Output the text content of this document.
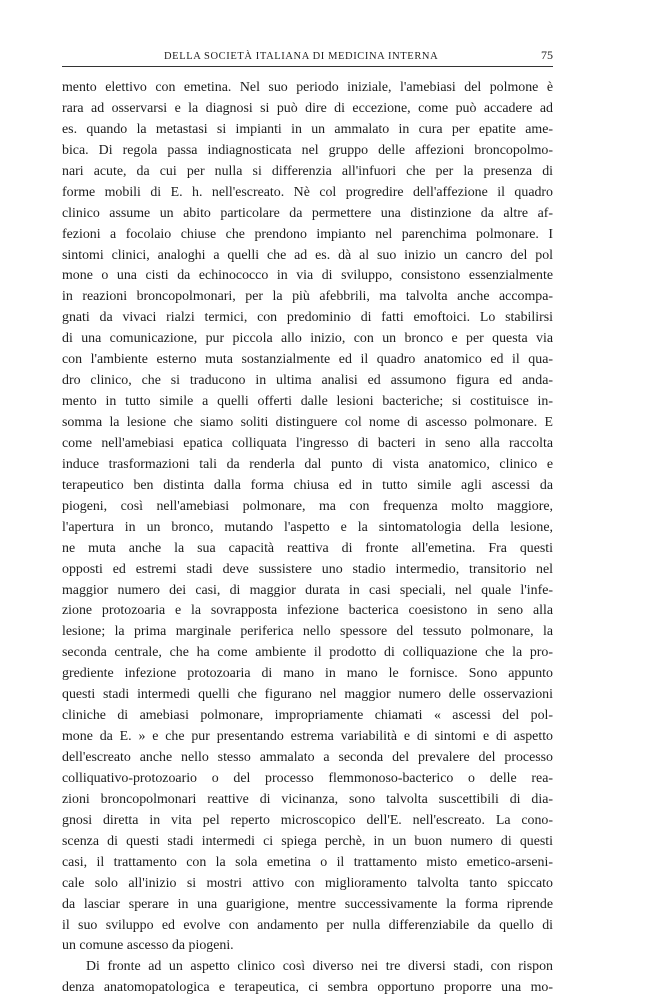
DELLA SOCIETÀ ITALIANA DI MEDICINA INTERNA	75
mento elettivo con emetina. Nel suo periodo iniziale, l'amebiasi del polmone è
rara ad osservarsi e la diagnosi si può dire di eccezione, come può accadere ad
es. quando la metastasi si impianti in un ammalato in cura per epatite ame-
bica. Di regola passa indiagnosticata nel gruppo delle affezioni broncopolmo-
nari acute, da cui per nulla si differenzia all'infuori che per la presenza di
forme mobili di E. h. nell'escreato. Nè col progredire dell'affezione il quadro
clinico assume un abito particolare da permettere una distinzione da altre af-
fezioni a focolaio chiuse che prendono impianto nel parenchima polmonare. I
sintomi clinici, analoghi a quelli che ad es. dà al suo inizio un cancro del pol
mone o una cisti da echinococco in via di sviluppo, consistono essenzialmente
in reazioni broncopolmonari, per la più afebbrili, ma talvolta anche accompa-
gnati da vivaci rialzi termici, con predominio di fatti emoftoici. Lo stabilirsi
di una comunicazione, pur piccola allo inizio, con un bronco e per questa via
con l'ambiente esterno muta sostanzialmente ed il quadro anatomico ed il qua-
dro clinico, che si traducono in ultima analisi ed assumono figura ed anda-
mento in tutto simile a quelli offerti dalle lesioni bacteriche; si costituisce in-
somma la lesione che siamo soliti distinguere col nome di ascesso polmonare. E
come nell'amebiasi epatica colliquata l'ingresso di bacteri in seno alla raccolta
induce trasformazioni tali da renderla dal punto di vista anatomico, clinico e
terapeutico ben distinta dalla forma chiusa ed in tutto simile agli ascessi da
piogeni, così nell'amebiasi polmonare, ma con frequenza molto maggiore,
l'apertura in un bronco, mutando l'aspetto e la sintomatologia della lesione,
ne muta anche la sua capacità reattiva di fronte all'emetina. Fra questi
opposti ed estremi stadi deve sussistere uno stadio intermedio, transitorio nel
maggior numero dei casi, di maggior durata in casi speciali, nel quale l'infe-
zione protozoaria e la sovrapposta infezione bacterica coesistono in seno alla
lesione; la prima marginale periferica nello spessore del tessuto polmonare, la
seconda centrale, che ha come ambiente il prodotto di colliquazione che la pro-
grediente infezione protozoaria di mano in mano le fornisce. Sono appunto
questi stadi intermedi quelli che figurano nel maggior numero delle osservazioni
cliniche di amebiasi polmonare, impropriamente chiamati « ascessi del pol-
mone da E. » e che pur presentando estrema variabilità e di sintomi e di aspetto
dell'escreato anche nello stesso ammalato a seconda del prevalere del processo
colliquativo-protozoario o del processo flemmonoso-bacterico o delle rea-
zioni broncopolmonari reattive di vicinanza, sono talvolta suscettibili di dia-
gnosi diretta in vita pel reperto microscopico dell'E. nell'escreato. La cono-
scenza di questi stadi intermedi ci spiega perchè, in un buon numero di questi
casi, il trattamento con la sola emetina o il trattamento misto emetico-arseni-
cale solo all'inizio si mostri attivo con miglioramento talvolta tanto spiccato
da lasciar sperare in una guarigione, mentre successivamente la forma riprende
il suo sviluppo ed evolve con andamento per nulla differenziabile da quello di
un comune ascesso da piogeni.
Di fronte ad un aspetto clinico così diverso nei tre diversi stadi, con rispon
denza anatomopatologica e terapeutica, ci sembra opportuno proporre una mo-
